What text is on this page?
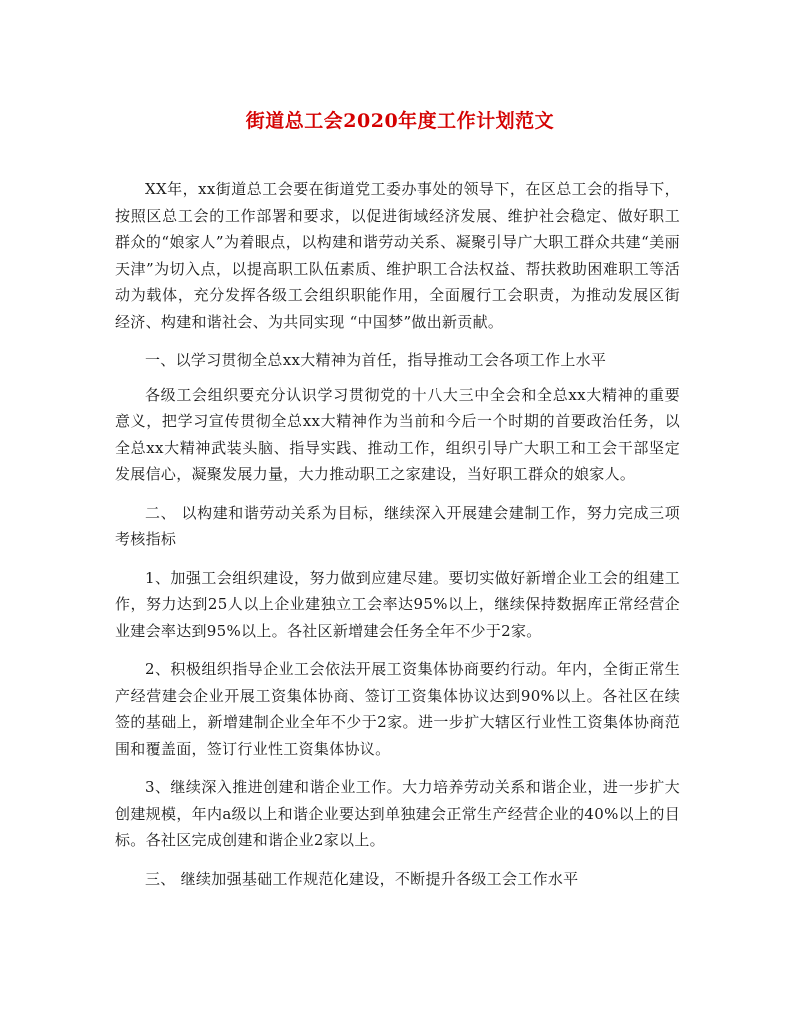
街道总工会2020年度工作计划范文

XX年，xx街道总工会要在街道党工委办事处的领导下，在区总工会的指导下，按照区总工会的工作部署和要求，以促进街域经济发展、维护社会稳定、做好职工群众的“娘家人”为着眼点，以构建和谐劳动关系、凝聚引导广大职工群众共建“美丽天津”为切入点，以提高职工队伍素质、维护职工合法权益、帮扶救助困难职工等活动为载体，充分发挥各级工会组织职能作用，全面履行工会职责，为推动发展区街经济、构建和谐社会、为共同实现 “中国梦”做出新贡献。

一、以学习贯彻全总xx大精神为首任，指导推动工会各项工作上水平

各级工会组织要充分认识学习贯彻党的十八大三中全会和全总xx大精神的重要意义，把学习宣传贯彻全总xx大精神作为当前和今后一个时期的首要政治任务，以全总xx大精神武装头脑、指导实践、推动工作，组织引导广大职工和工会干部坚定发展信心，凝聚发展力量，大力推动职工之家建设，当好职工群众的娘家人。

二、 以构建和谐劳动关系为目标，继续深入开展建会建制工作，努力完成三项考核指标

1、加强工会组织建设，努力做到应建尽建。要切实做好新增企业工会的组建工作，努力达到25人以上企业建独立工会率达95%以上，继续保持数据库正常经营企业建会率达到95%以上。各社区新增建会任务全年不少于2家。

2、积极组织指导企业工会依法开展工资集体协商要约行动。年内，全街正常生产经营建会企业开展工资集体协商、签订工资集体协议达到90%以上。各社区在续签的基础上，新增建制企业全年不少于2家。进一步扩大辖区行业性工资集体协商范围和覆盖面，签订行业性工资集体协议。

3、继续深入推进创建和谐企业工作。大力培养劳动关系和谐企业，进一步扩大创建规模，年内a级以上和谐企业要达到单独建会正常生产经营企业的40%以上的目标。各社区完成创建和谐企业2家以上。

三、 继续加强基础工作规范化建设，不断提升各级工会工作水平
